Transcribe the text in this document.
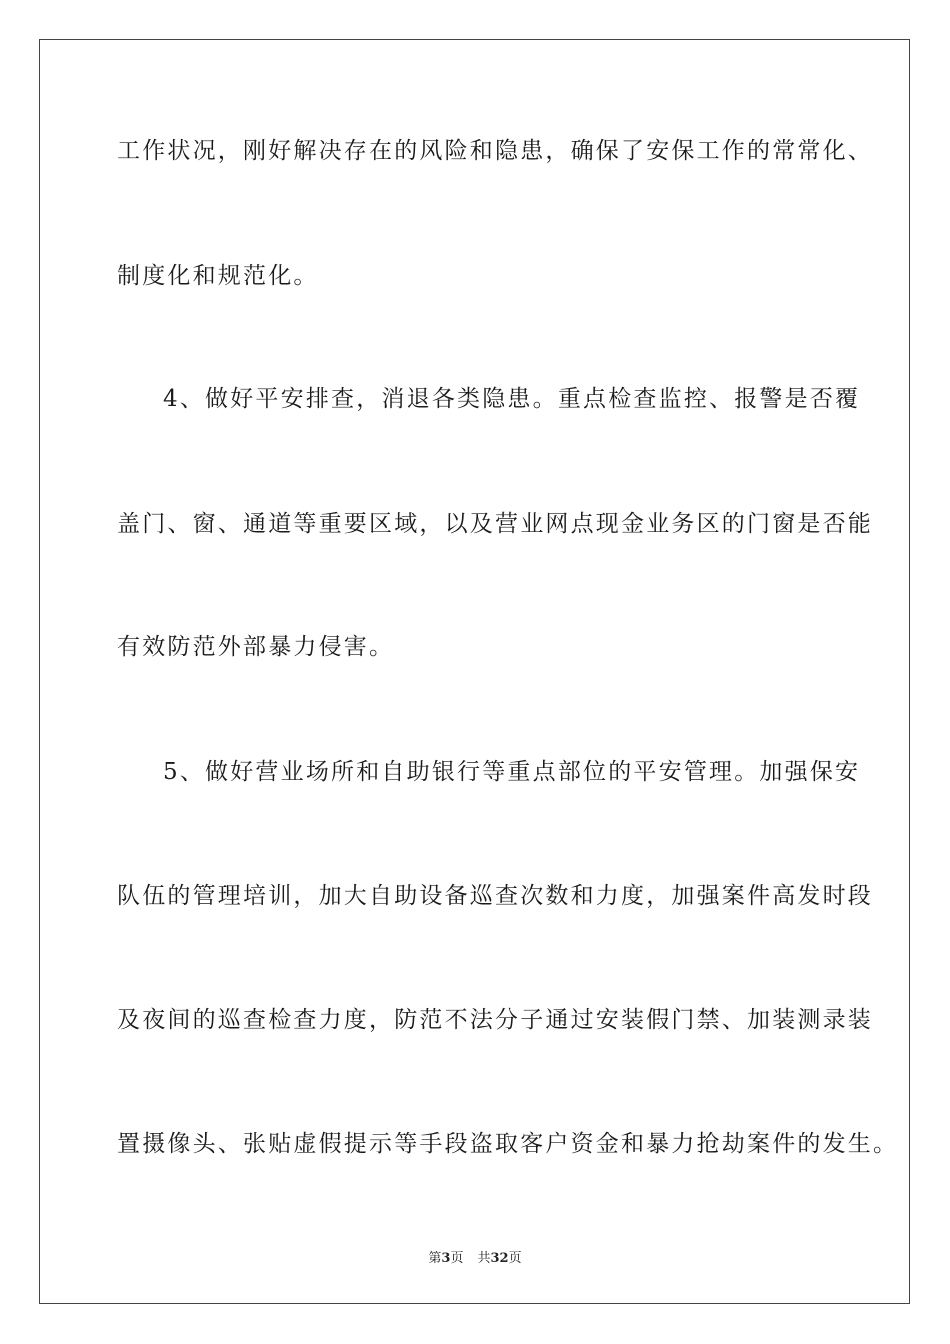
工作状况，刚好解决存在的风险和隐患，确保了安保工作的常常化、
制度化和规范化。
4、做好平安排查，消退各类隐患。重点检查监控、报警是否覆
盖门、窗、通道等重要区域，以及营业网点现金业务区的门窗是否能
有效防范外部暴力侵害。
5、做好营业场所和自助银行等重点部位的平安管理。加强保安
队伍的管理培训，加大自助设备巡查次数和力度，加强案件高发时段
及夜间的巡查检查力度，防范不法分子通过安装假门禁、加装测录装
置摄像头、张贴虚假提示等手段盗取客户资金和暴力抢劫案件的发生。
第3页 共32页
